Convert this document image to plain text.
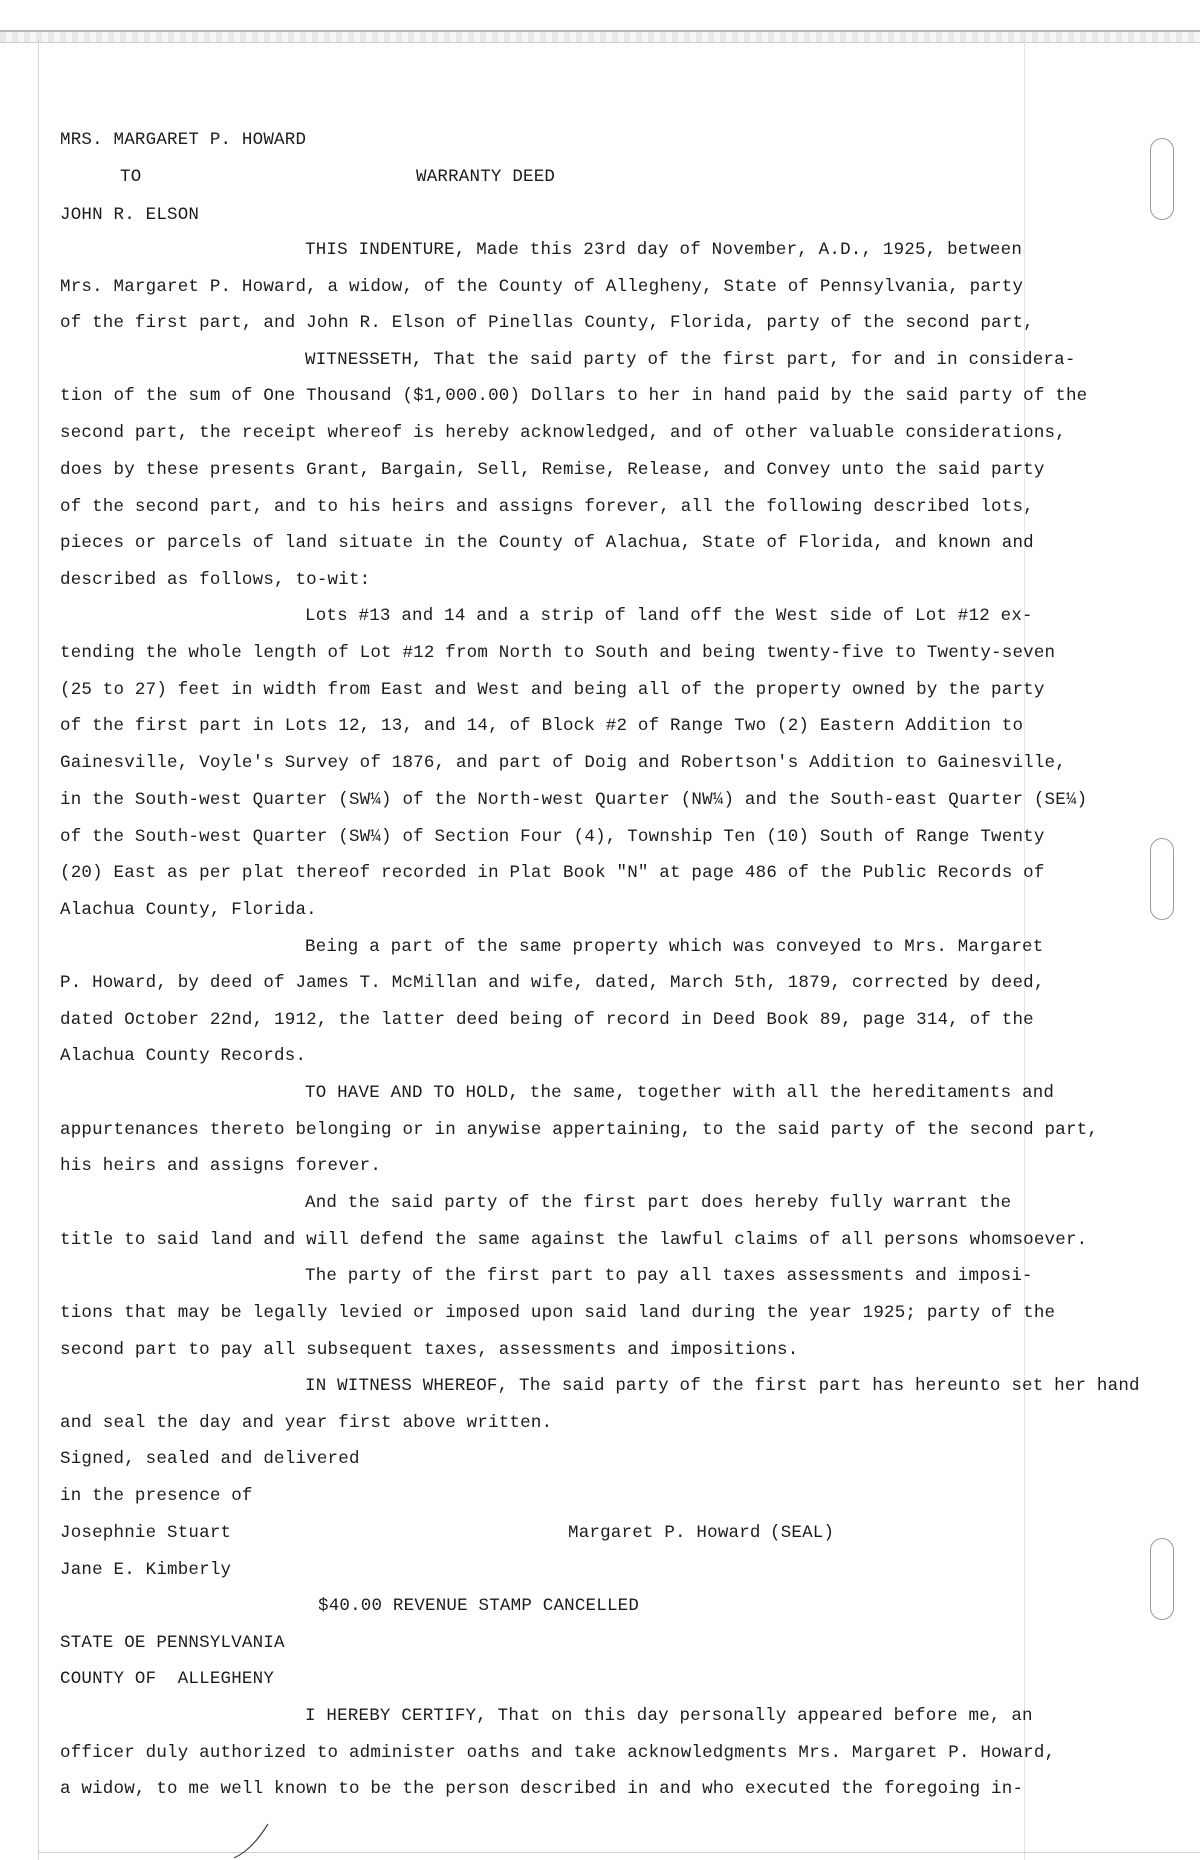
MRS. MARGARET P. HOWARD
TO	WARRANTY DEED
JOHN R. ELSON
THIS INDENTURE, Made this 23rd day of November, A.D., 1925, between
Mrs. Margaret P. Howard, a widow, of the County of Allegheny, State of Pennsylvania, party
of the first part, and John R. Elson of Pinellas County, Florida, party of the second part,
WITNESSETH, That the said party of the first part, for and in considera-
tion of the sum of One Thousand ($1,000.00) Dollars to her in hand paid by the said party of the
second part, the receipt whereof is hereby acknowledged, and of other valuable considerations,
does by these presents Grant, Bargain, Sell, Remise, Release, and Convey unto the said party
of the second part, and to his heirs and assigns forever, all the following described lots,
pieces or parcels of land situate in the County of Alachua, State of Florida, and known and
described as follows, to-wit:
Lots #13 and 14 and a strip of land off the West side of Lot #12 ex-
tending the whole length of Lot #12 from North to South and being twenty-five to Twenty-seven
(25 to 27) feet in width from East and West and being all of the property owned by the party
of the first part in Lots 12, 13, and 14, of Block #2 of Range Two (2) Eastern Addition to
Gainesville, Voyle's Survey of 1876, and part of Doig and Robertson's Addition to Gainesville,
in the South-west Quarter (SW¼) of the North-west Quarter (NW¼) and the South-east Quarter (SE¼)
of the South-west Quarter (SW¼) of Section Four (4), Township Ten (10) South of Range Twenty
(20) East as per plat thereof recorded in Plat Book "N" at page 486 of the Public Records of
Alachua County, Florida.
Being a part of the same property which was conveyed to Mrs. Margaret
P. Howard, by deed of James T. McMillan and wife, dated, March 5th, 1879, corrected by deed,
dated October 22nd, 1912, the latter deed being of record in Deed Book 89, page 314, of the
Alachua County Records.
TO HAVE AND TO HOLD, the same, together with all the hereditaments and
appurtenances thereto belonging or in anywise appertaining, to the said party of the second part,
his heirs and assigns forever.
And the said party of the first part does hereby fully warrant the
title to said land and will defend the same against the lawful claims of all persons whomsoever.
The party of the first part to pay all taxes assessments and imposi-
tions that may be legally levied or imposed upon said land during the year 1925; party of the
second part to pay all subsequent taxes, assessments and impositions.
IN WITNESS WHEREOF, The said party of the first part has hereunto set her hand
and seal the day and year first above written.
Signed, sealed and delivered
in the presence of
Josephnie Stuart	Margaret P. Howard (SEAL)
Jane E. Kimberly
$40.00 REVENUE STAMP CANCELLED
STATE OE PENNSYLVANIA
COUNTY OF  ALLEGHENY
I HEREBY CERTIFY, That on this day personally appeared before me, an
officer duly authorized to administer oaths and take acknowledgments Mrs. Margaret P. Howard,
a widow, to me well known to be the person described in and who executed the foregoing in-
